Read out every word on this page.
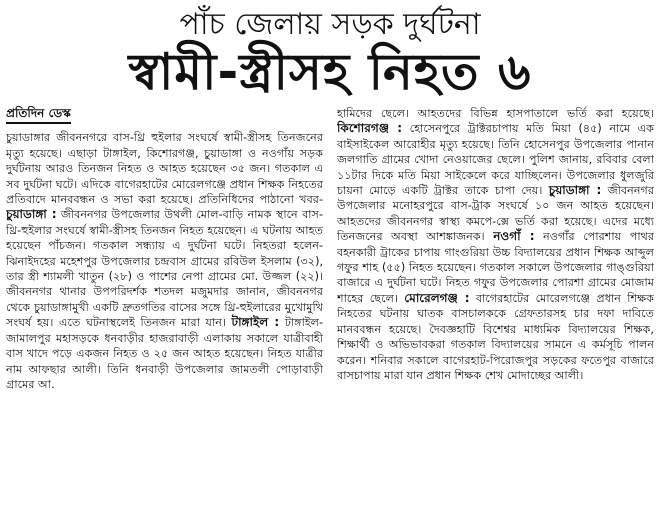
পাঁচ জেলায় সড়ক দুর্ঘটনা
স্বামী-স্ত্রীসহ নিহত ৬
প্রতিদিন ডেস্ক

চুয়াডাঙ্গার জীবননগরে বাস-থ্রি হুইলার সংঘর্ষে স্বামী-স্ত্রীসহ তিনজনের মৃত্যু হয়েছে। এছাড়া টাঙ্গাইল, কিশোরগঞ্জ, চুয়াডাঙ্গা ও নওগাঁয় সড়ক দুর্ঘটনায় আরও তিনজন নিহত ও আহত হয়েছেন ৩৫ জন। গতকাল এ সব দুর্ঘটনা ঘটে। এদিকে বাগেরহাটের মোরেলগঞ্জে প্রধান শিক্ষক নিহতের প্রতিবাদে মানববন্ধন ও সভা করা হয়েছে। প্রতিনিধিদের পাঠানো খবর- চুয়াডাঙ্গা : জীবননগর উপজেলার উথলী মোল-বাড়ি নামক স্থানে বাস-থ্রি-হুইলার সংঘর্ষে স্বামী-স্ত্রীসহ তিনজন নিহত হয়েছেন। এ ঘটনায় আহত হয়েছেন পাঁচজন। গতকাল সন্ধ্যায় এ দুর্ঘটনা ঘটে। নিহতরা হলেন- ঝিনাইদহের মহেশপুর উপজেলার চন্দ্রবাস গ্রামের রবিউল ইসলাম (৩২), তার স্ত্রী শ্যামলী খাতুন (২৮) ও পাশের নেপা গ্রামের মো. উজ্জল (২২)। জীবননগর থানার উপপরিদর্শক শতদল মজুমদার জানান, জীবননগর থেকে চুয়াডাঙ্গামুখী একটি দ্রুতগতির বাসের সঙ্গে থ্রি-হুইলারের মুখোমুখি সংঘর্ষ হয়। এতে ঘটনাস্থলেই তিনজন মারা যান। টাঙ্গাইল : টাঙ্গাইল-জামালপুর মহাসড়কে ধনবাড়ীর হাজরাবাড়ী এলাকায় সকালে যাত্রীবাহী বাস খাদে পড়ে একজন নিহত ও ২৫ জন আহত হয়েছেন। নিহত যাত্রীর নাম আফছার আলী। তিনি ধনবাড়ী উপজেলার জামতলী পোড়াবাড়ী গ্রামের আ.

হামিদের ছেলে। আহতদের বিভিন্ন হাসপাতালে ভর্তি করা হয়েছে। কিশোরগঞ্জ : হোসেনপুরে ট্রাক্টরচাপায় মতি মিয়া (৪৫) নামে এক বাইসাইকেল আরোহীর মৃত্যু হয়েছে। তিনি হোসেনপুর উপজেলার পানান জলগাতি গ্রামের খোদা নেওয়াজের ছেলে। পুলিশ জানায়, রবিবার বেলা ১১টার দিকে মতি মিয়া সাইকেলে করে যাচ্ছিলেন। উপজেলার ধুলজুরি চায়না মোড়ে একটি ট্রাক্টর তাকে চাপা দেয়। চুয়াডাঙ্গা : জীবননগর উপজেলার মনোহরপুরে বাস-ট্রাক সংঘর্ষে ১০ জন আহত হয়েছেন। আহতদের জীবননগর স্বাস্থ্য কমপে-ক্সে ভর্তি করা হয়েছে। এদের মধ্যে তিনজনের অবস্থা আশঙ্কাজনক। নওগাঁ : নওগাঁর পোরশায় পাথর বহনকারী ট্রাকের চাপায় গাংগুরিয়া উচ্চ বিদ্যালয়ের প্রধান শিক্ষক আব্দুল গফুর শাহ (৫৫) নিহত হয়েছেন। গতকাল সকালে উপজেলার গাঙ্গুরিয়া বাজারে এ দুর্ঘটনা ঘটে। নিহত গফুর উপজেলার পোরশা গ্রামের মোজাম শাহের ছেলে। মোরেলগঞ্জ : বাগেরহাটের মোরেলগঞ্জে প্রধান শিক্ষক নিহতের ঘটনায় ঘাতক বাসচালককে গ্রেফতারসহ চার দফা দাবিতে মানববন্ধন হয়েছে। দৈবজ্ঞহাটি বিশেশ্বর মাধ্যমিক বিদ্যালয়ের শিক্ষক, শিক্ষার্থী ও অভিভাবকরা গতকাল বিদ্যালয়ের সামনে এ কর্মসূচি পালন করেন। শনিবার সকালে বাগেরহাট-পিরোজপুর সড়কের ফতেপুর বাজারে বাসচাপায় মারা যান প্রধান শিক্ষক শেখ মোদাচ্ছের আলী।
